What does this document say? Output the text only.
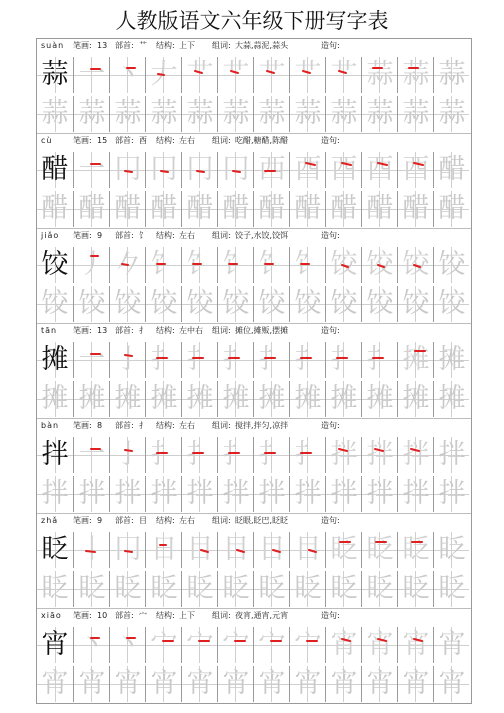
人教版语文六年级下册写字表
suàn 笔画: 13 部首: 艹 结构: 上下 组词: 大蒜,蒜泥,蒜头	造句:
蒜 一 丶 𠂇 艹 艹 艹 艹 艹 蒜 蒜 蒜
蒜 蒜 蒜 蒜 蒜 蒜 蒜 蒜 蒜 蒜 蒜 蒜
cù	笔画: 15 部首: 酉 结构: 左右 组词: 吃醋,糖醋,陈醋	造句:
醋 一 冂 冂 冂 冂 西 酉 酉 酉 酉 醋
醋 醋 醋 醋 醋 醋 醋 醋 醋 醋 醋 醋
jiǎo 笔画: 9 部首: 饣 结构: 左右 组词: 饺子,水饺,饺饵	造句:
饺 丿 𠂊 饣 饣 饣 饣 饣 饺 饺 饺 饺
饺 饺 饺 饺 饺 饺 饺 饺 饺 饺 饺 饺
tān 笔画: 13 部首: 扌 结构: 左中右 组词: 摊位,摊贩,摆摊	造句:
摊 一 亅 扌 扌 扌 扌 扌 扌 扌 摊 摊
摊 摊 摊 摊 摊 摊 摊 摊 摊 摊 摊 摊
bàn 笔画: 8 部首: 扌 结构: 左右 组词: 搅拌,拌匀,凉拌	造句:
拌 一 亅 扌 扌 扌 扌 扌 拌 拌 拌 拌
拌 拌 拌 拌 拌 拌 拌 拌 拌 拌 拌 拌
zhǎ 笔画: 9 部首: 目 结构: 左右 组词: 眨眼,眨巴,眨眨	造句:
眨 丨 冂 日 目 目 目 目 眨 眨 眨 眨
眨 眨 眨 眨 眨 眨 眨 眨 眨 眨 眨 眨
xiāo 笔画: 10 部首: 宀 结构: 上下 组词: 夜宵,通宵,元宵	造句:
宵 丶 丶 宀 宀 宀 宀 宀 宵 宵 宵 宵
宵 宵 宵 宵 宵 宵 宵 宵 宵 宵 宵 宵
